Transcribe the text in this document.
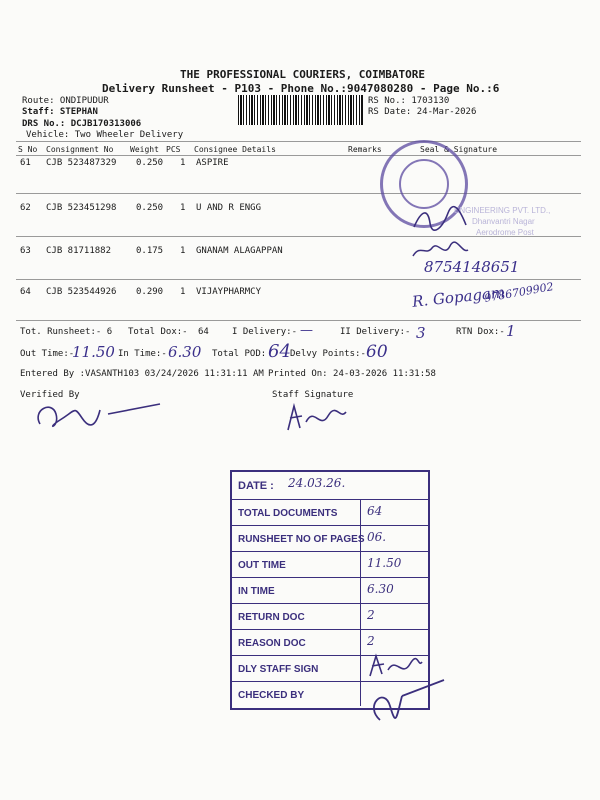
THE PROFESSIONAL COURIERS, COIMBATORE
Delivery Runsheet - P103 - Phone No.:9047080280 - Page No.:6
Route: ONDIPUDUR
Staff: STEPHAN
DRS No.: DCJB170313006
Vehicle: Two Wheeler Delivery
RS No.: 1703130
RS Date: 24-Mar-2026
S No Consignment No Weight PCS Consignee Details	Remarks	Seal & Signature
61 CJB 523487329 0.250 1 ASPIRE
62 CJB 523451298 0.250 1 U AND R ENGG
63 CJB 81711882	0.175 1 GNANAM ALAGAPPAN
64 CJB 523544926 0.290 1 VIJAYPHARMCY
ENGINEERING PVT. LTD.,
Dhanvantri Nagar
Aerodrome Post
8754148651
R. Gopagam
9786709902
Tot. Runsheet:- 6 Total Dox:- 64	I Delivery:- —	II Delivery:- 3	RTN Dox:- 1
Out Time:-
11.50 In Time:- 6.30 Total POD: 64 Delvy Points:- 60
Entered By :VASANTH103 03/24/2026 11:31:11 AM Printed On: 24-03-2026 11:31:58
Verified By	Staff Signature
DATE : 24.03.26.
TOTAL DOCUMENTS 64
RUNSHEET NO OF PAGES 06.
OUT TIME	11.50
IN TIME	6.30
RETURN DOC	2
REASON DOC	2
DLY STAFF SIGN
CHECKED BY
